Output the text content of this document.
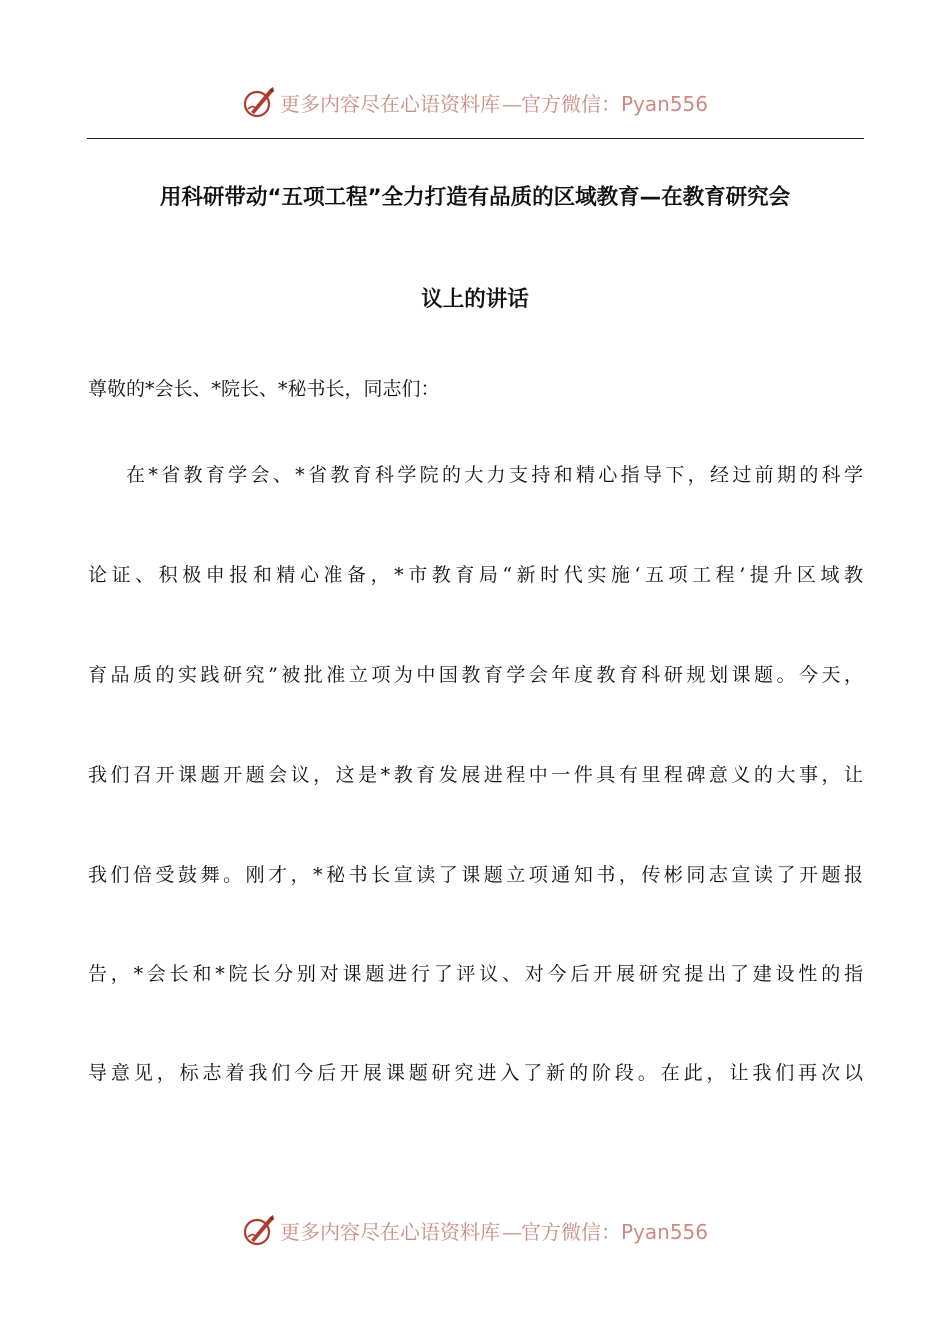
更多内容尽在心语资料库 — 官方微信：Pyan556
用科研带动“五项工程”全力打造有品质的区域教育—在教育研究会
议上的讲话
尊敬的*会长、*院长、*秘书长，同志们：
在*省教育学会、*省教育科学院的大力支持和精心指导下，经过前期的科学
论证、积极申报和精心准备，*市教育局“新时代实施‘五项工程’提升区域教
育品质的实践研究”被批准立项为中国教育学会年度教育科研规划课题。今天，
我们召开课题开题会议，这是*教育发展进程中一件具有里程碑意义的大事，让
我们倍受鼓舞。刚才，*秘书长宣读了课题立项通知书，传彬同志宣读了开题报
告，*会长和*院长分别对课题进行了评议、对今后开展研究提出了建设性的指
导意见，标志着我们今后开展课题研究进入了新的阶段。在此，让我们再次以
更多内容尽在心语资料库 — 官方微信：Pyan556
